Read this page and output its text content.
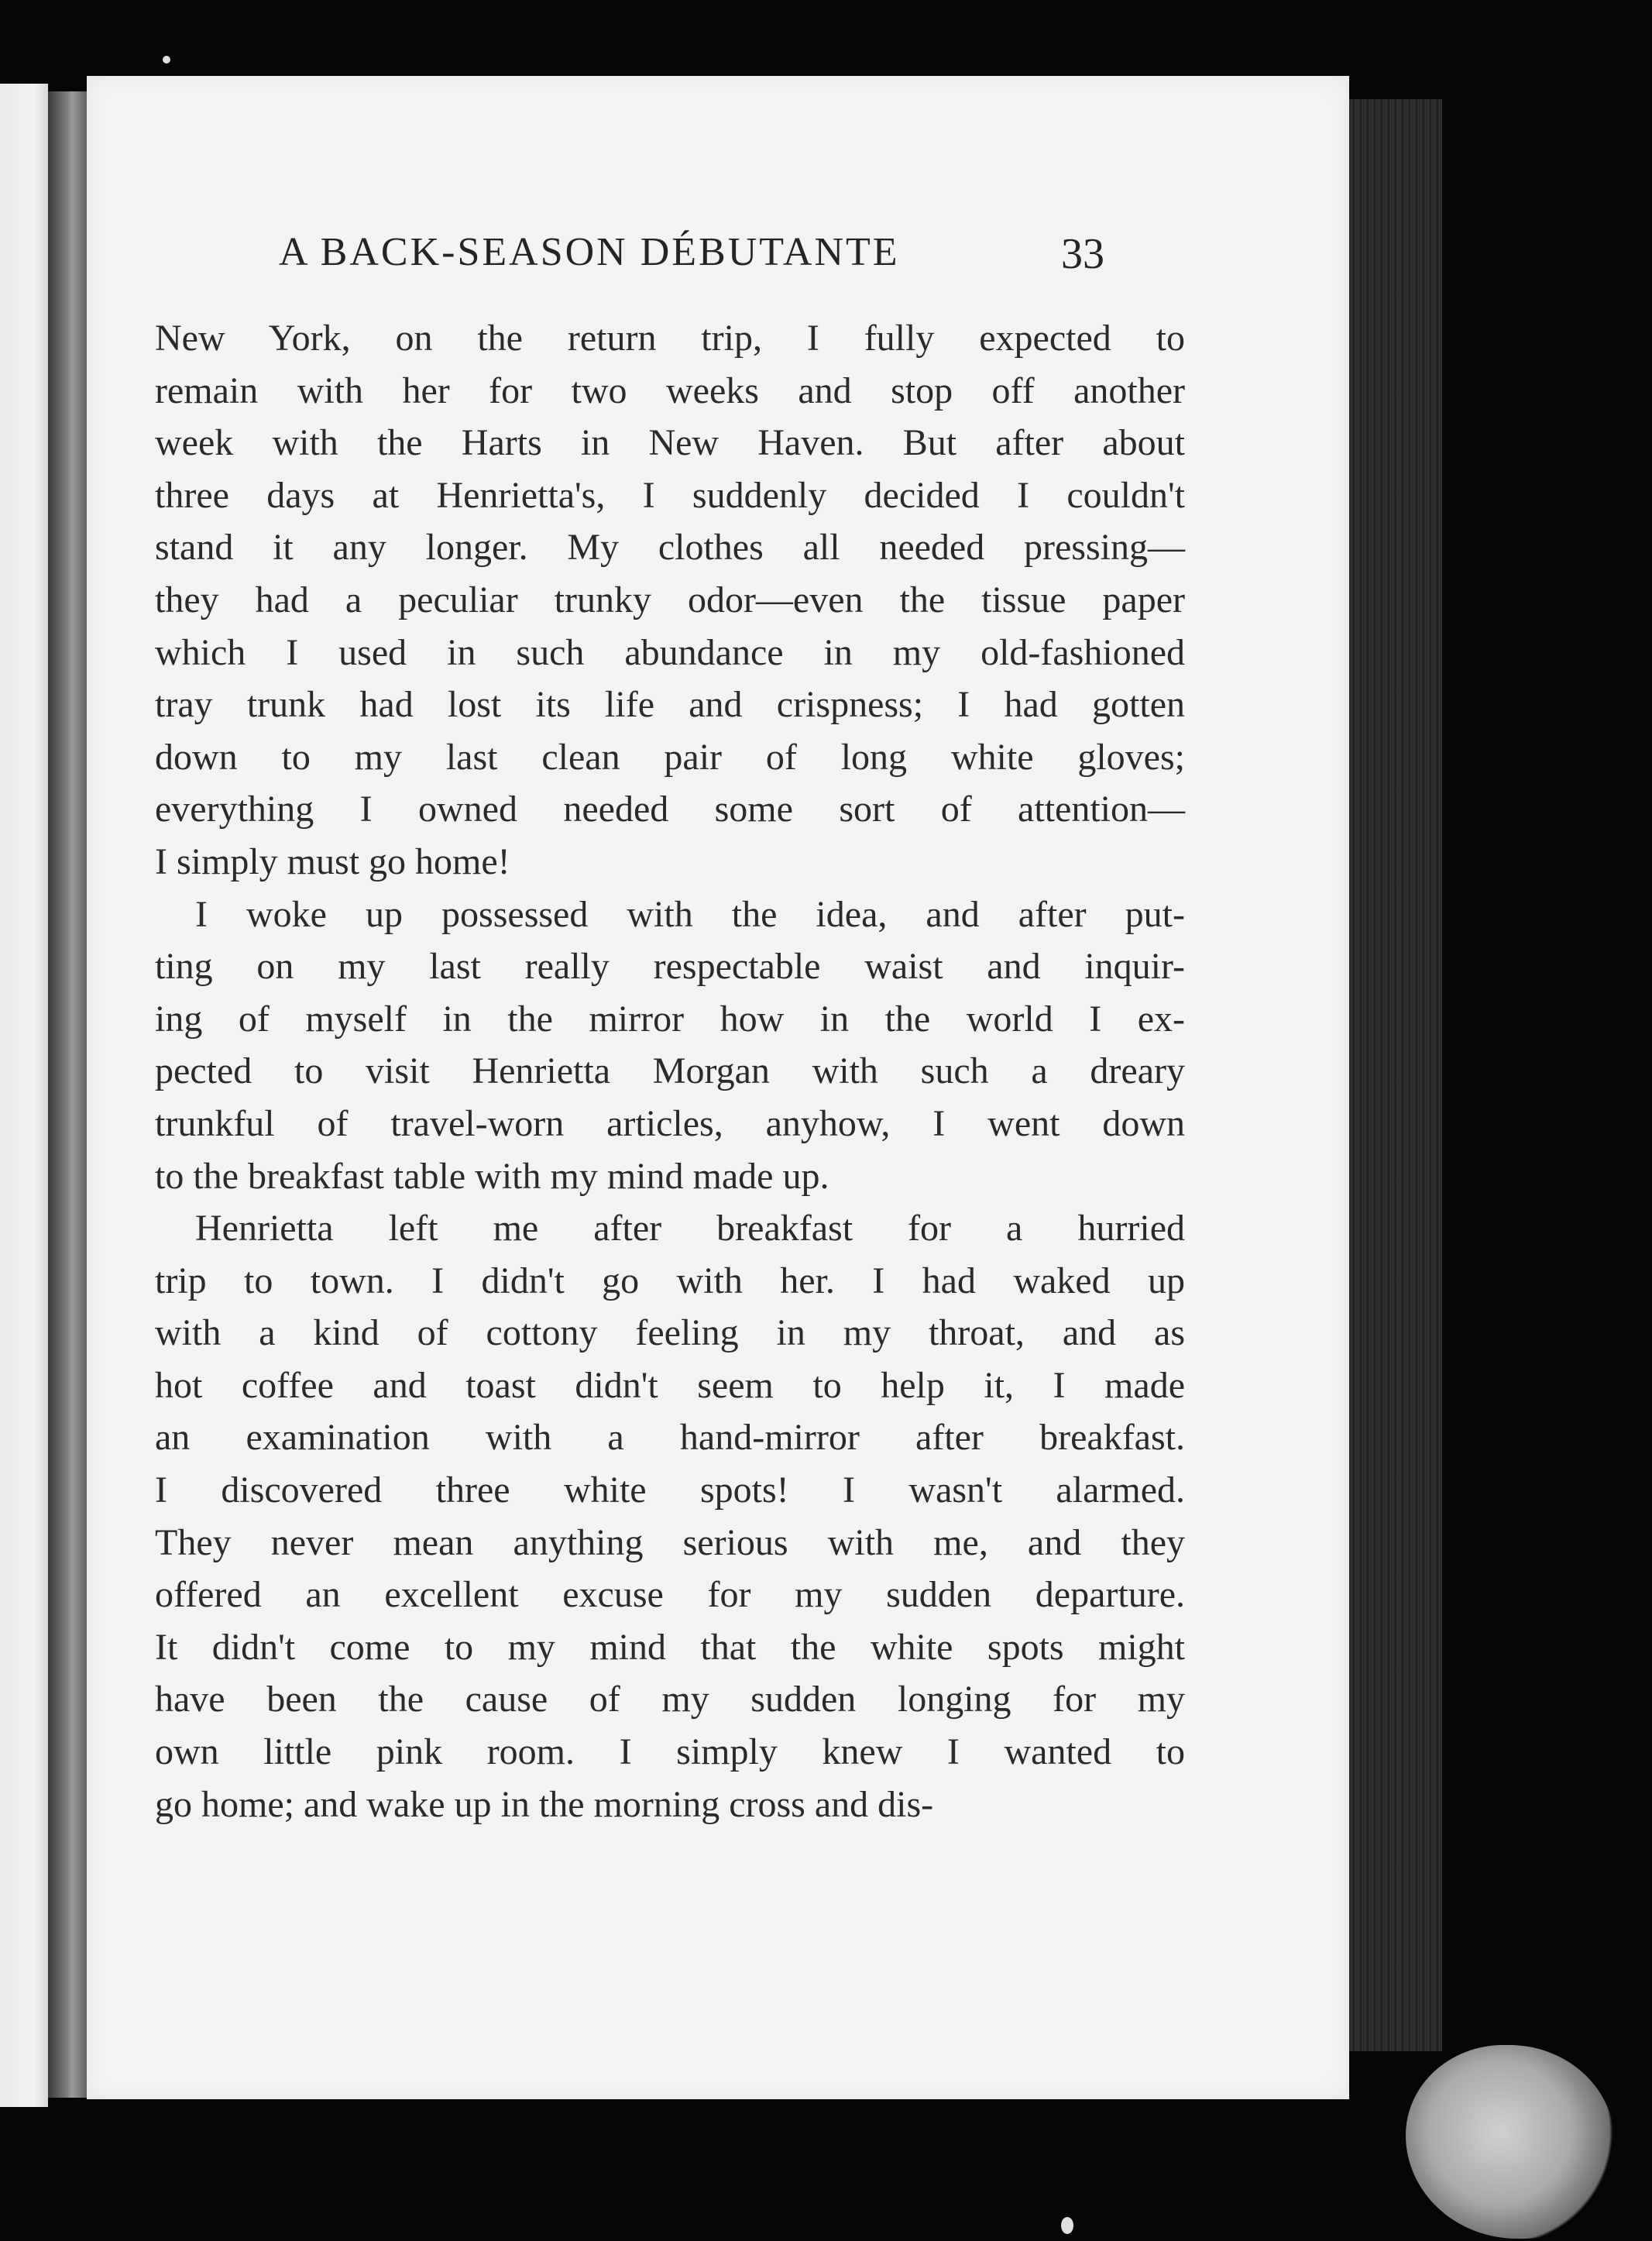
A BACK-SEASON DÉBUTANTE	33
New York, on the return trip, I fully expected to
remain with her for two weeks and stop off another
week with the Harts in New Haven. But after about
three days at Henrietta's, I suddenly decided I couldn't
stand it any longer. My clothes all needed pressing—
they had a peculiar trunky odor—even the tissue paper
which I used in such abundance in my old-fashioned
tray trunk had lost its life and crispness; I had gotten
down to my last clean pair of long white gloves;
everything I owned needed some sort of attention—
I simply must go home!
I woke up possessed with the idea, and after put-
ting on my last really respectable waist and inquir-
ing of myself in the mirror how in the world I ex-
pected to visit Henrietta Morgan with such a dreary
trunkful of travel-worn articles, anyhow, I went down
to the breakfast table with my mind made up.
Henrietta left me after breakfast for a hurried
trip to town. I didn't go with her. I had waked up
with a kind of cottony feeling in my throat, and as
hot coffee and toast didn't seem to help it, I made
an examination with a hand-mirror after breakfast.
I discovered three white spots! I wasn't alarmed.
They never mean anything serious with me, and they
offered an excellent excuse for my sudden departure.
It didn't come to my mind that the white spots might
have been the cause of my sudden longing for my
own little pink room. I simply knew I wanted to
go home; and wake up in the morning cross and dis-
